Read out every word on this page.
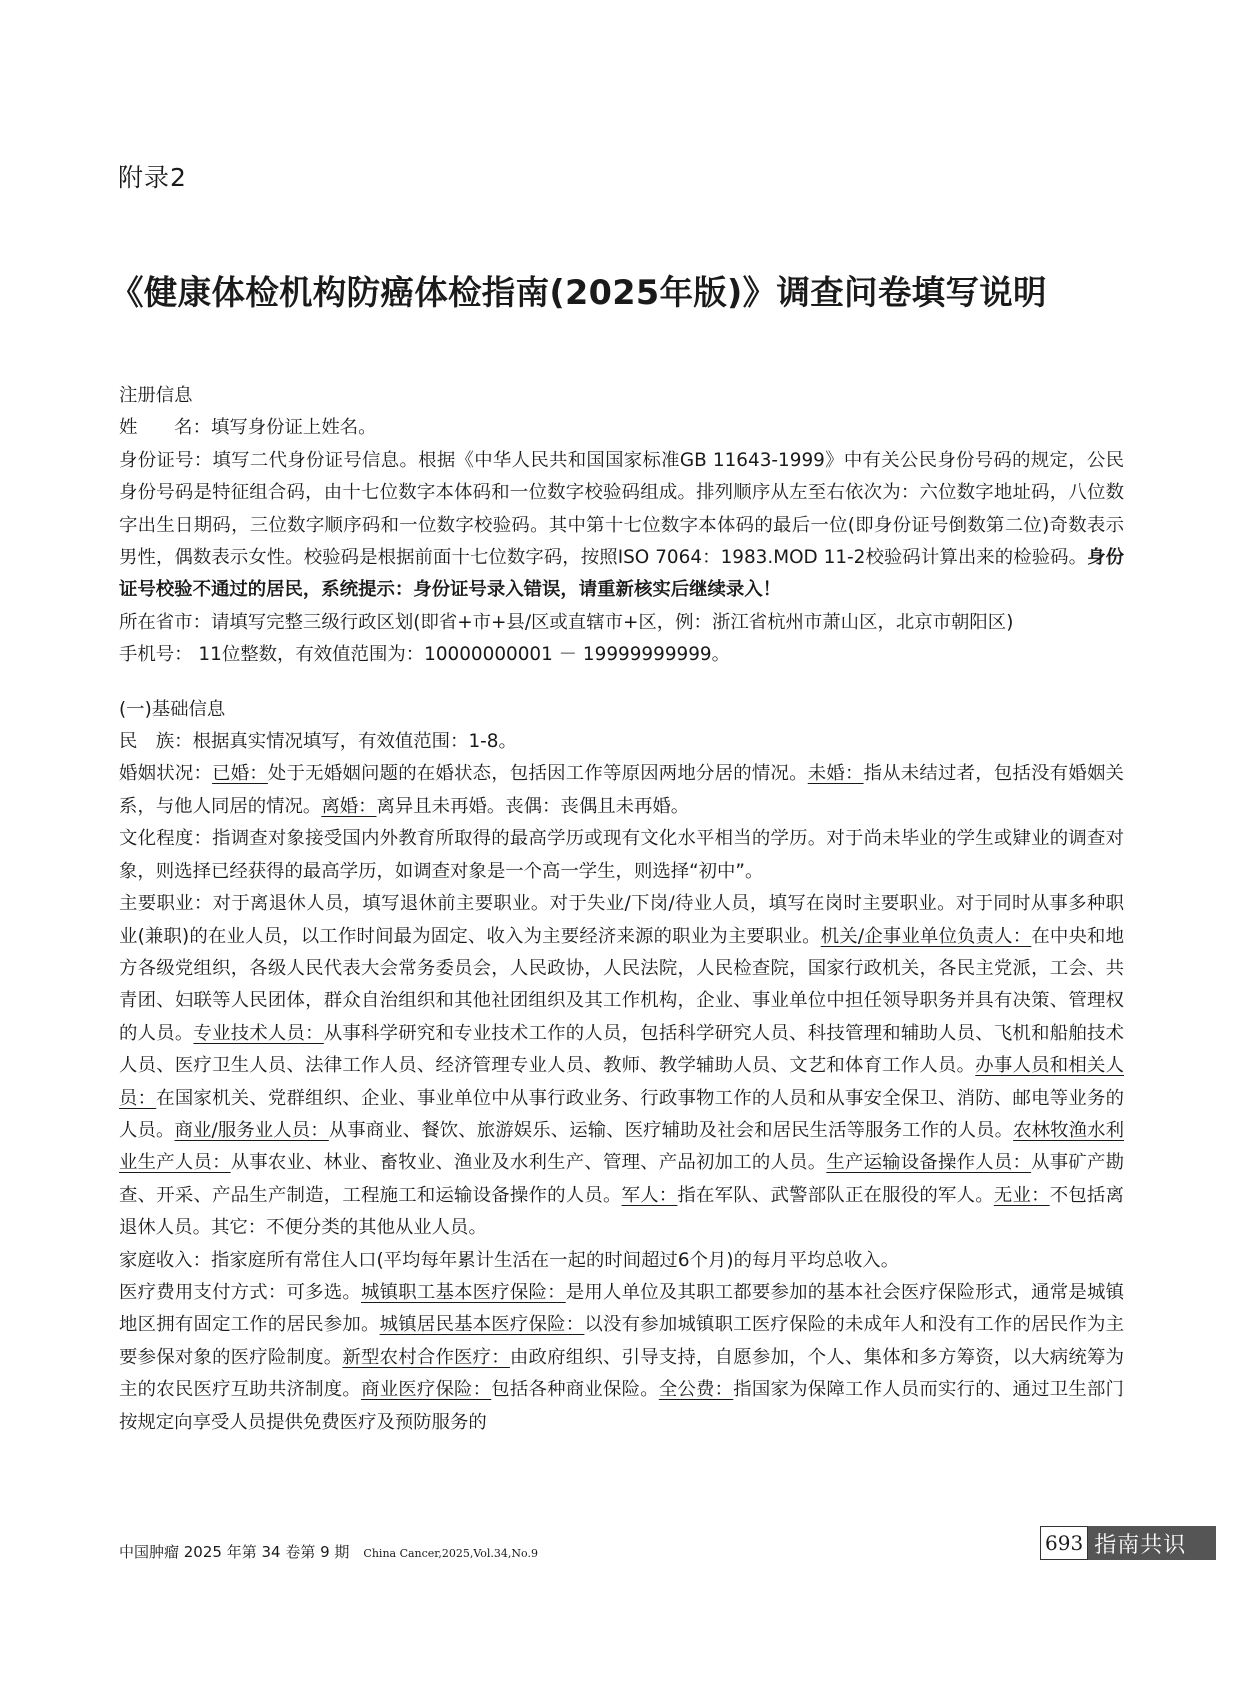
附录2
《健康体检机构防癌体检指南(2025年版)》调查问卷填写说明

注册信息

姓　　名：填写身份证上姓名。

身份证号：填写二代身份证号信息。根据《中华人民共和国国家标准GB 11643-1999》中有关公民身份号码的规定，公民身份号码是特征组合码，由十七位数字本体码和一位数字校验码组成。排列顺序从左至右依次为：六位数字地址码，八位数字出生日期码，三位数字顺序码和一位数字校验码。其中第十七位数字本体码的最后一位(即身份证号倒数第二位)奇数表示男性，偶数表示女性。校验码是根据前面十七位数字码，按照ISO 7064：1983.MOD 11-2校验码计算出来的检验码。身份证号校验不通过的居民，系统提示：身份证号录入错误，请重新核实后继续录入！

所在省市：请填写完整三级行政区划(即省+市+县/区或直辖市+区，例：浙江省杭州市萧山区，北京市朝阳区)

手机号： 11位整数，有效值范围为：10000000001 － 19999999999。

(一)基础信息

民　族：根据真实情况填写，有效值范围：1-8。

婚姻状况：已婚：处于无婚姻问题的在婚状态，包括因工作等原因两地分居的情况。未婚：指从未结过者，包括没有婚姻关系，与他人同居的情况。离婚：离异且未再婚。丧偶：丧偶且未再婚。

文化程度：指调查对象接受国内外教育所取得的最高学历或现有文化水平相当的学历。对于尚未毕业的学生或肄业的调查对象，则选择已经获得的最高学历，如调查对象是一个高一学生，则选择“初中”。

主要职业：对于离退休人员，填写退休前主要职业。对于失业/下岗/待业人员，填写在岗时主要职业。对于同时从事多种职业(兼职)的在业人员，以工作时间最为固定、收入为主要经济来源的职业为主要职业。机关/企事业单位负责人：在中央和地方各级党组织，各级人民代表大会常务委员会，人民政协，人民法院，人民检查院，国家行政机关，各民主党派，工会、共青团、妇联等人民团体，群众自治组织和其他社团组织及其工作机构，企业、事业单位中担任领导职务并具有决策、管理权的人员。专业技术人员：从事科学研究和专业技术工作的人员，包括科学研究人员、科技管理和辅助人员、飞机和船舶技术人员、医疗卫生人员、法律工作人员、经济管理专业人员、教师、教学辅助人员、文艺和体育工作人员。办事人员和相关人员：在国家机关、党群组织、企业、事业单位中从事行政业务、行政事物工作的人员和从事安全保卫、消防、邮电等业务的人员。商业/服务业人员：从事商业、餐饮、旅游娱乐、运输、医疗辅助及社会和居民生活等服务工作的人员。农林牧渔水利业生产人员：从事农业、林业、畜牧业、渔业及水利生产、管理、产品初加工的人员。生产运输设备操作人员：从事矿产勘查、开采、产品生产制造，工程施工和运输设备操作的人员。军人：指在军队、武警部队正在服役的军人。无业：不包括离退休人员。其它：不便分类的其他从业人员。

家庭收入：指家庭所有常住人口(平均每年累计生活在一起的时间超过6个月)的每月平均总收入。

医疗费用支付方式：可多选。城镇职工基本医疗保险：是用人单位及其职工都要参加的基本社会医疗保险形式，通常是城镇地区拥有固定工作的居民参加。城镇居民基本医疗保险：以没有参加城镇职工医疗保险的未成年人和没有工作的居民作为主要参保对象的医疗险制度。新型农村合作医疗：由政府组织、引导支持，自愿参加，个人、集体和多方筹资，以大病统筹为主的农民医疗互助共济制度。商业医疗保险：包括各种商业保险。全公费：指国家为保障工作人员而实行的、通过卫生部门按规定向享受人员提供免费医疗及预防服务的

中国肿瘤 2025 年第 34 卷第 9 期 China Cancer,2025,Vol.34,No.9	693 指南共识
